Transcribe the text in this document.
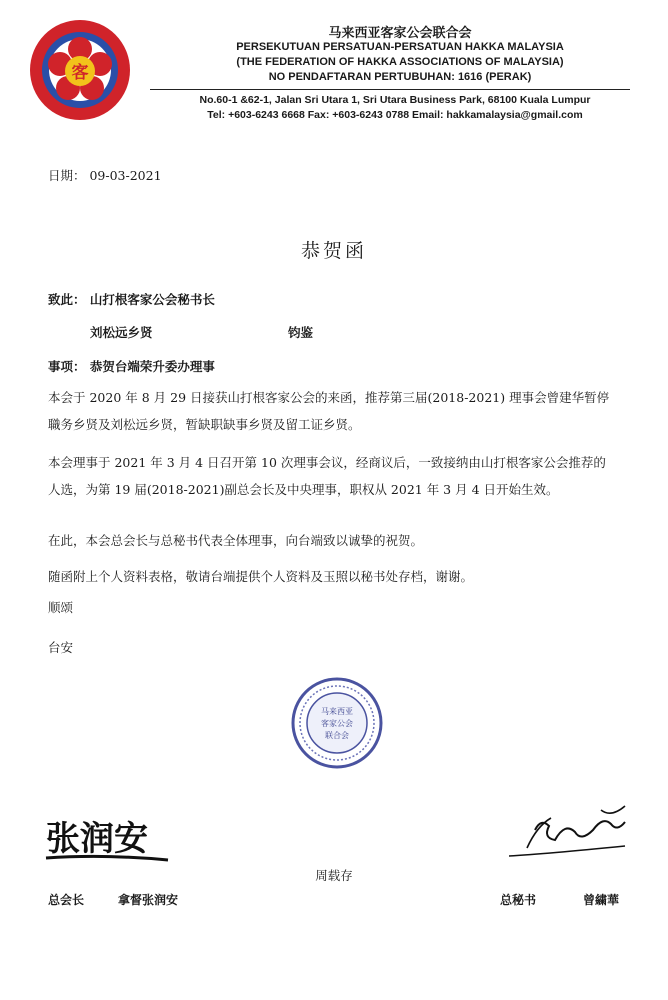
客
马来西亚客家公会联合会
PERSEKUTUAN PERSATUAN-PERSATUAN HAKKA MALAYSIA
(THE FEDERATION OF HAKKA ASSOCIATIONS OF MALAYSIA)
NO PENDAFTARAN PERTUBUHAN: 1616 (PERAK)
No.60-1 &62-1, Jalan Sri Utara 1, Sri Utara Business Park, 68100 Kuala Lumpur
Tel: +603-6243 6668 Fax: +603-6243 0788 Email: hakkamalaysia@gmail.com
日期： 09-03-2021
恭贺函
致此： 山打根客家公会秘书长
刘松远乡贤	钧鉴
事项： 恭贺台端荣升委办理事
本会于 2020 年 8 月 29 日接获山打根客家公会的来函，推荐第三届(2018-2021) 理事会曾建华暂停職务乡贤及刘松远乡贤，暂缺职缺事乡贤及留工证乡贤。
本会理事于 2021 年 3 月 4 日召开第 10 次理事会议，经商议后，一致接纳由山打根客家公会推荐的人选，为第 19 届(2018-2021)副总会长及中央理事，职权从 2021 年 3 月 4 日开始生效。
在此，本会总会长与总秘书代表全体理事，向台端致以诚挚的祝贺。
随函附上个人资料表格，敬请台端提供个人资料及玉照以秘书处存档，谢谢。
顺颂
台安
马来西亚
客家公会
联合会
张润安
周载存
总会长	拿督张润安	总秘书	曾繍華
